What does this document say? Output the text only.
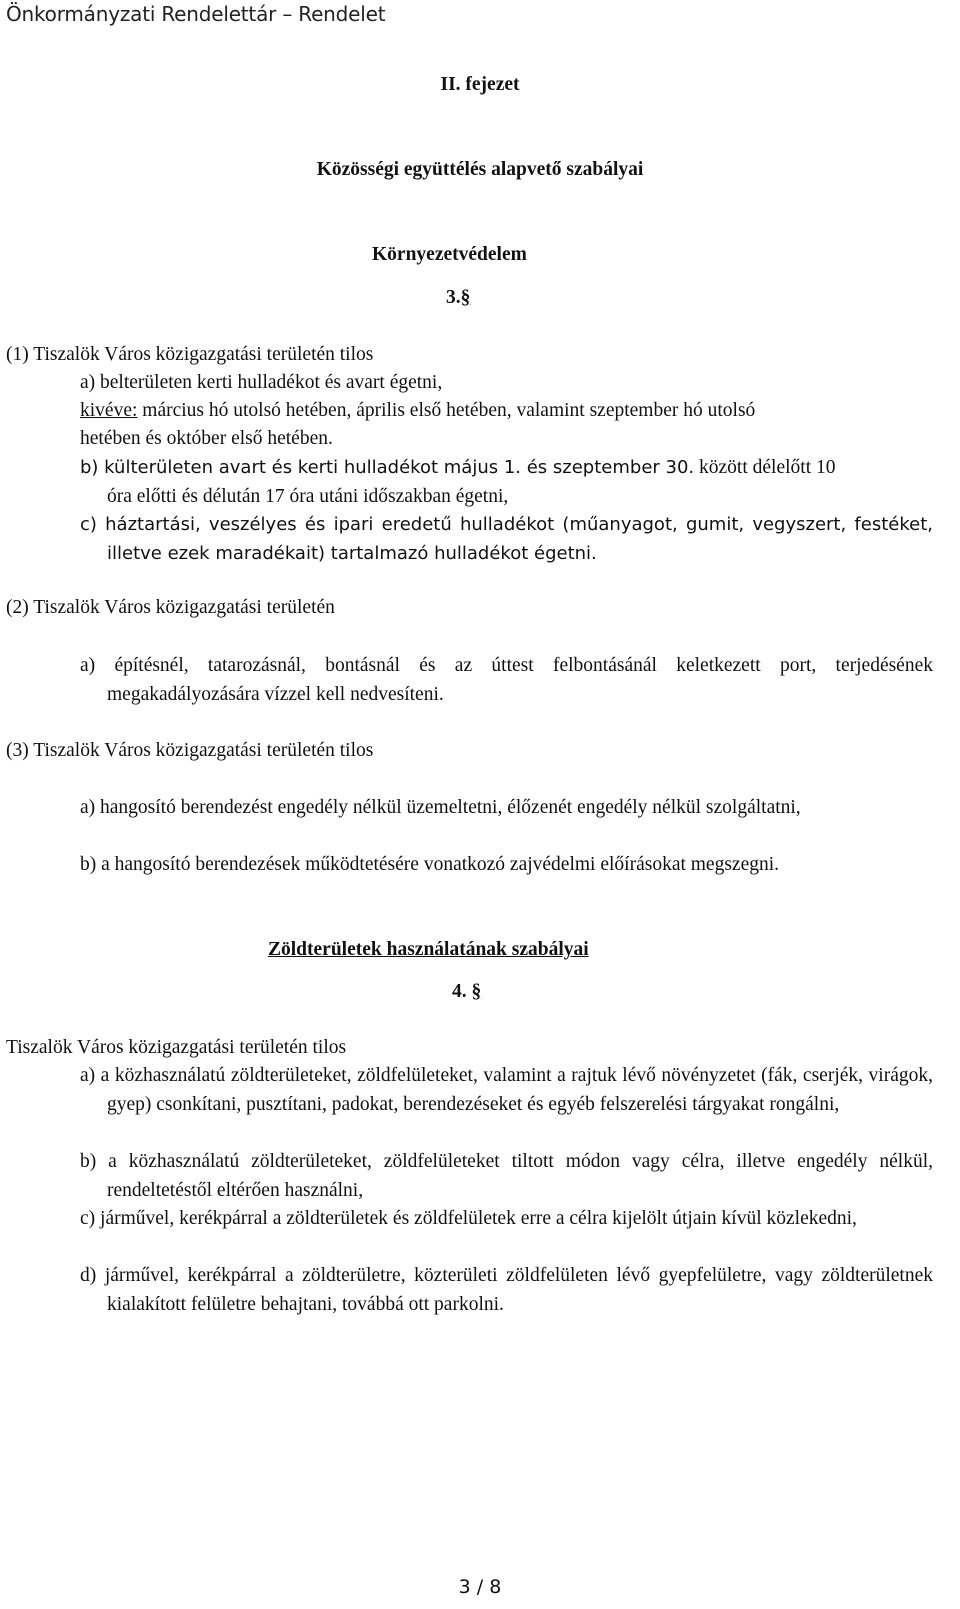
Önkormányzati Rendelettár – Rendelet
II. fejezet
Közösségi együttélés alapvető szabályai
Környezetvédelem
3.§
(1) Tiszalök Város közigazgatási területén tilos
a) belterületen kerti hulladékot és avart égetni,
kivéve: március hó utolsó hetében, április első hetében, valamint szeptember hó utolsó
hetében és október első hetében.
b) külterületen avart és kerti hulladékot május 1. és szeptember 30. között délelőtt 10
óra előtti és délután 17 óra utáni időszakban égetni,
c) háztartási, veszélyes és ipari eredetű hulladékot (műanyagot, gumit, vegyszert, festéket, illetve ezek maradékait) tartalmazó hulladékot égetni.
(2) Tiszalök Város közigazgatási területén
a) építésnél, tatarozásnál, bontásnál és az úttest felbontásánál keletkezett port, terjedésének megakadályozására vízzel kell nedvesíteni.
(3) Tiszalök Város közigazgatási területén tilos
a) hangosító berendezést engedély nélkül üzemeltetni, élőzenét engedély nélkül szolgáltatni,
b) a hangosító berendezések működtetésére vonatkozó zajvédelmi előírásokat megszegni.
Zöldterületek használatának szabályai
4. §
Tiszalök Város közigazgatási területén tilos
a) a közhasználatú zöldterületeket, zöldfelületeket, valamint a rajtuk lévő növényzetet (fák, cserjék, virágok, gyep) csonkítani, pusztítani, padokat, berendezéseket és egyéb felszerelési tárgyakat rongálni,
b) a közhasználatú zöldterületeket, zöldfelületeket tiltott módon vagy célra, illetve engedély nélkül, rendeltetéstől eltérően használni,
c) járművel, kerékpárral a zöldterületek és zöldfelületek erre a célra kijelölt útjain kívül közlekedni,
d) járművel, kerékpárral a zöldterületre, közterületi zöldfelületen lévő gyepfelületre, vagy zöldterületnek kialakított felületre behajtani, továbbá ott parkolni.
3 / 8
